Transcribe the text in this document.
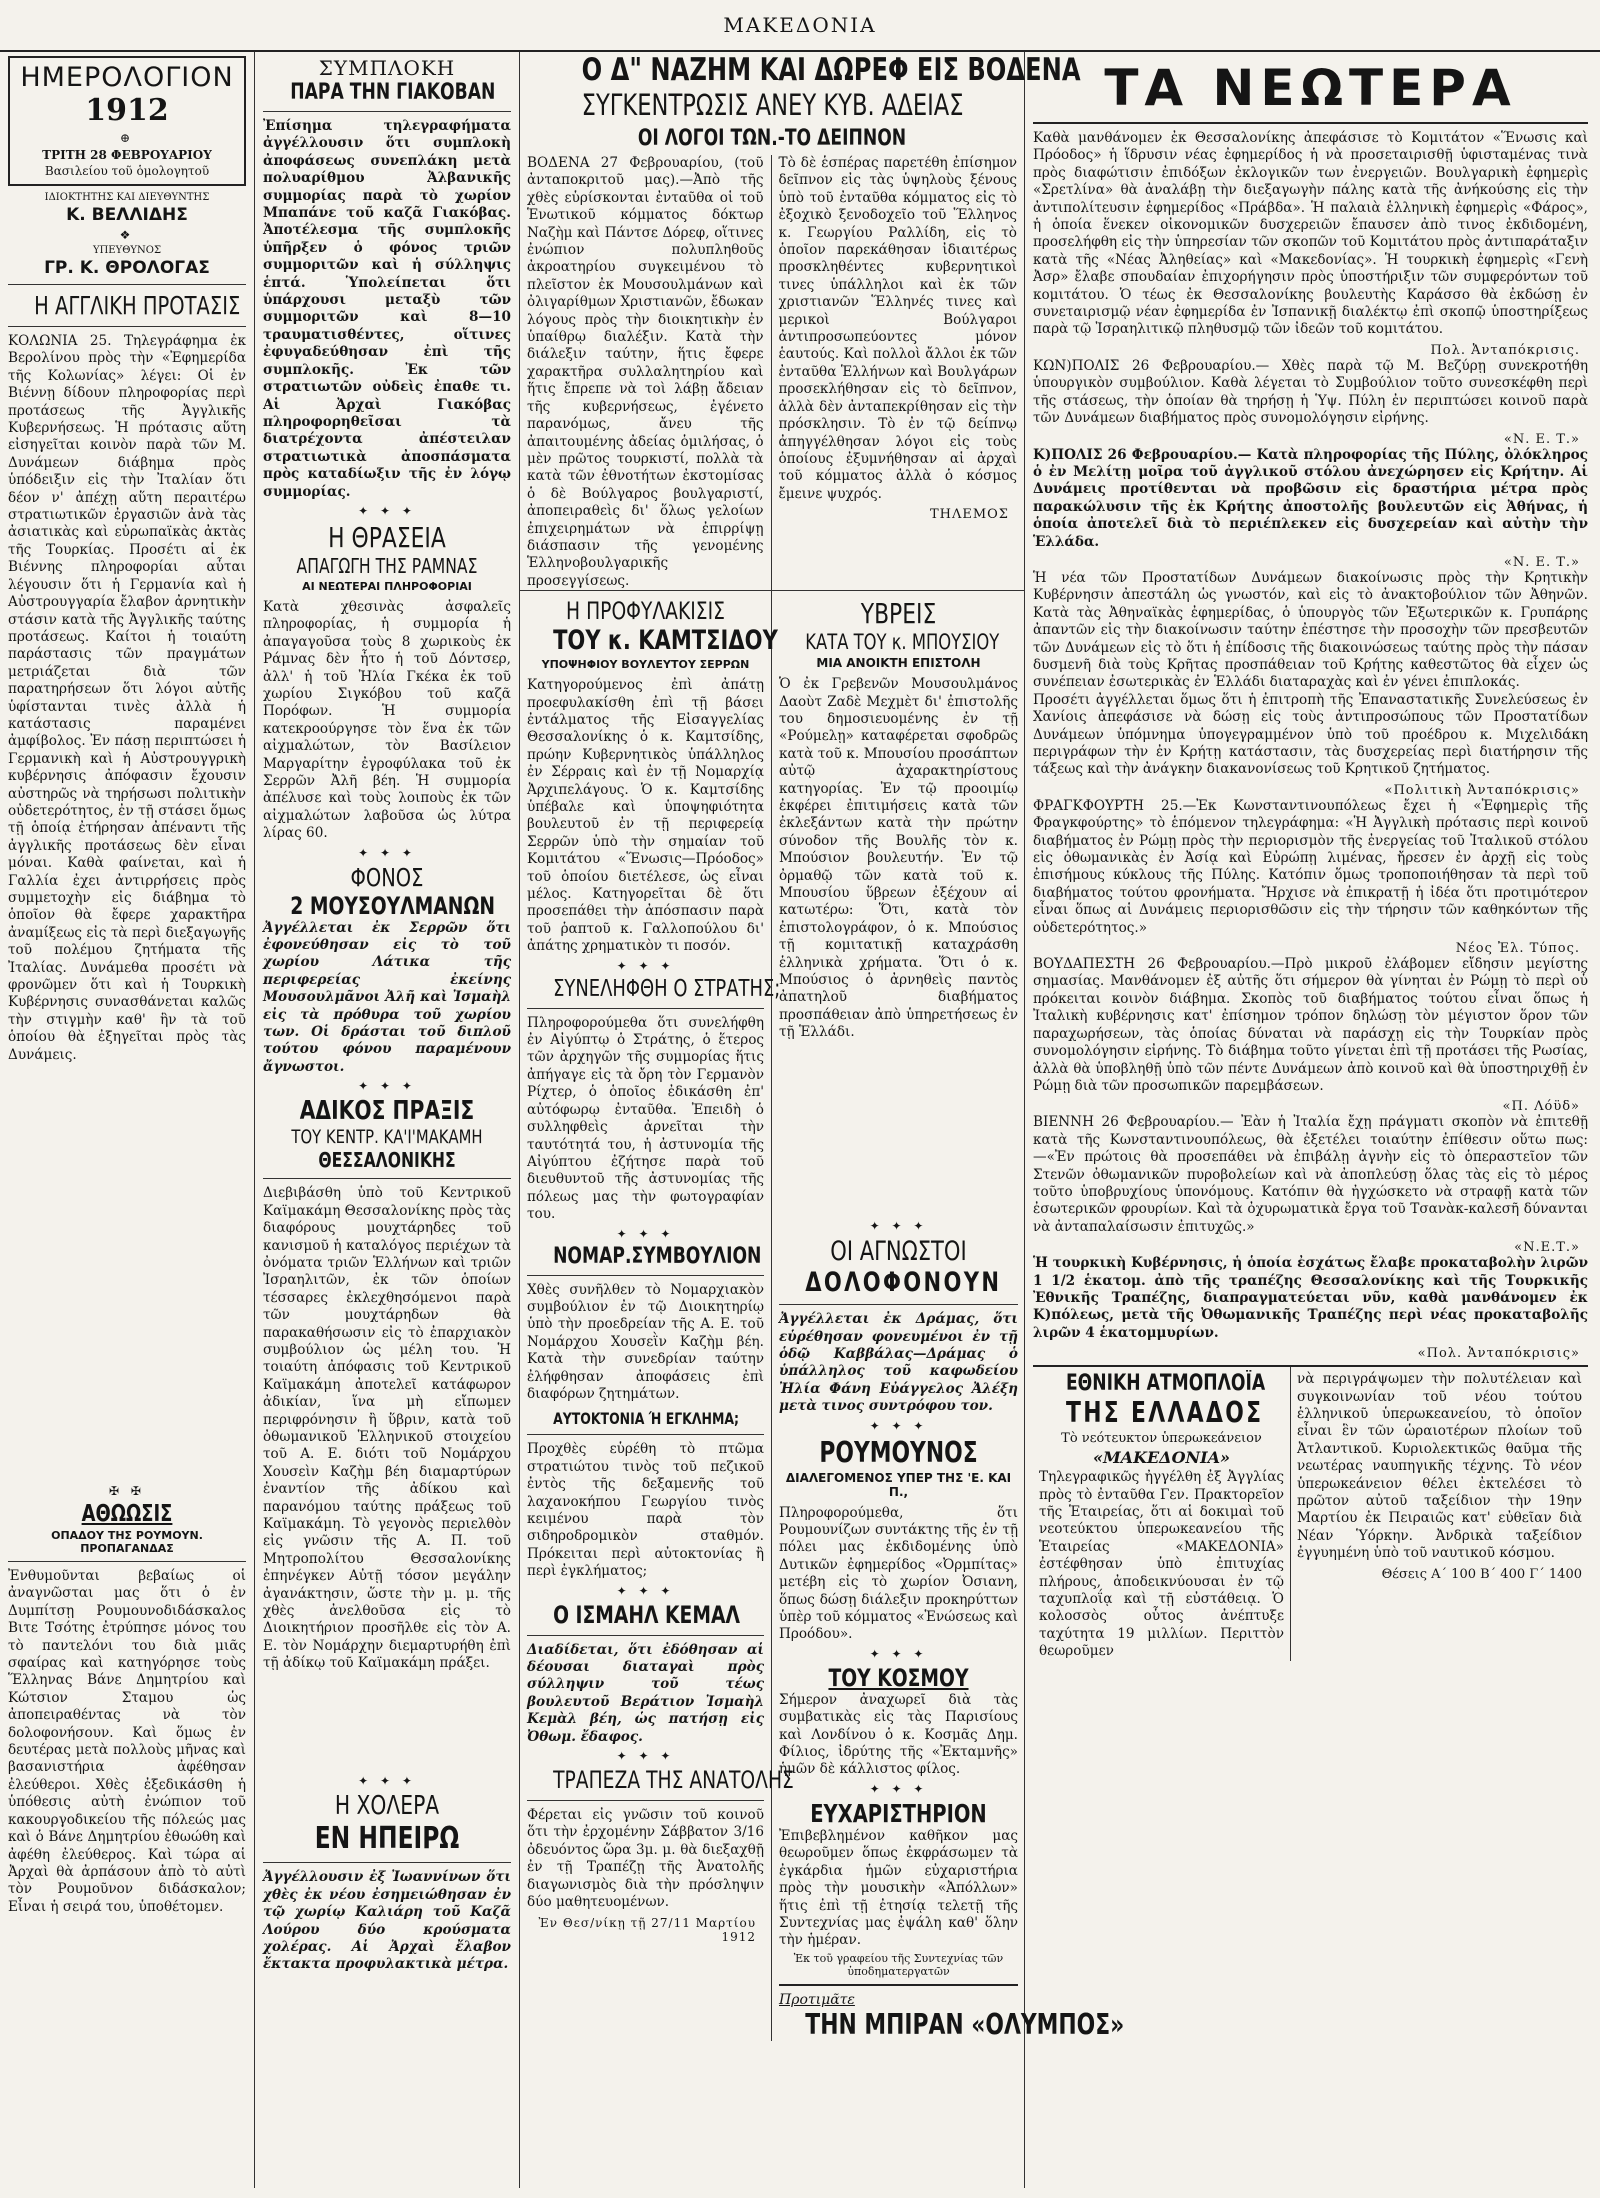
ΜΑΚΕΔΟΝΙΑ
ΗΜΕΡΟΛΟΓΙΟΝ
1912
⊕
ΤΡΙΤΗ 28 ΦΕΒΡΟΥΑΡΙΟΥ
Βασιλείου τοῦ ὁμολογητοῦ
ΙΔΙΟΚΤΗΤΗΣ ΚΑΙ ΔΙΕΥΘΥΝΤΗΣ
Κ. ΒΕΛΛΙΔΗΣ
❖
ΥΠΕΥΘΥΝΟΣ
ΓΡ. Κ. ΘΡΟΛΟΓΑΣ
Η ΑΓΓΛΙΚΗ ΠΡΟΤΑΣΙΣ

ΚΟΛΩΝΙΑ 25. Τηλεγράφημα ἐκ Βερολίνου πρὸς τὴν «Ἐφημερίδα τῆς Κολωνίας» λέγει: Οἱ ἐν Βιέννῃ δίδουν πληροφορίας περὶ προτάσεως τῆς Ἀγγλικῆς Κυβερνήσεως. Ἡ πρότασις αὕτη εἰσηγεῖται κοινὸν παρὰ τῶν Μ. Δυνάμεων διάβημα πρὸς ὑπόδειξιν εἰς τὴν Ἰταλίαν ὅτι δέον ν' ἀπέχῃ αὕτη περαιτέρω στρατιωτικῶν ἐργασιῶν ἀνὰ τὰς ἀσιατικὰς καὶ εὐρωπαϊκὰς ἀκτὰς τῆς Τουρκίας. Προσέτι αἱ ἐκ Βιέννης πληροφορίαι αὗται λέγουσιν ὅτι ἡ Γερμανία καὶ ἡ Αὐστρουγγαρία ἔλαβον ἀρνητικὴν στάσιν κατὰ τῆς Ἀγγλικῆς ταύτης προτάσεως. Καίτοι ἡ τοιαύτη παράστασις τῶν πραγμάτων μετριάζεται διὰ τῶν παρατηρήσεων ὅτι λόγοι αὐτῆς ὑφίστανται τινὲς ἀλλὰ ἡ κατάστασις παραμένει ἀμφίβολος. Ἐν πάσῃ περιπτώσει ἡ Γερμανικὴ καὶ ἡ Αὐστρουγγρικὴ κυβέρνησις ἀπόφασιν ἔχουσιν αὐστηρῶς νὰ τηρήσωσι πολιτικὴν οὐδετερότητος, ἐν τῇ στάσει ὅμως τῇ ὁποίᾳ ἐτήρησαν ἀπέναντι τῆς ἀγγλικῆς προτάσεως δὲν εἶναι μόναι. Καθὰ φαίνεται, καὶ ἡ Γαλλία ἐχει ἀντιρρήσεις πρὸς συμμετοχὴν εἰς διάβημα τὸ ὁποῖον θὰ ἔφερε χαρακτῆρα ἀναμίξεως εἰς τὰ περὶ διεξαγωγῆς τοῦ πολέμου ζητήματα τῆς Ἰταλίας. Δυνάμεθα προσέτι νὰ φρονῶμεν ὅτι καὶ ἡ Τουρκικὴ Κυβέρνησις συνασθάνεται καλῶς τὴν στιγμὴν καθ' ἣν τὰ τοῦ ὁποίου θὰ ἐξηγεῖται πρὸς τὰς Δυνάμεις.

✠ ✠
ΑΘΩΩΣΙΣ
ΟΠΑΔΟΥ ΤΗΣ ΡΟΥΜΟΥΝ. ΠΡΟΠΑΓΑΝΔΑΣ

Ἐνθυμοῦνται βεβαίως οἱ ἀναγνῶσται μας ὅτι ὁ ἐν Δυμπίτσῃ Ρουμουνοδιδάσκαλος Βιτε Τσότης ἐτρύπησε μόνος του τὸ παντελόνι του διὰ μιᾶς σφαίρας καὶ κατηγόρησε τοὺς Ἕλληνας Βάνε Δημητρίου καὶ Κώτσιον Σταμου ὡς ἀποπειραθέντας νὰ τὸν δολοφονήσουν. Καὶ ὅμως ἐν δευτέρας μετὰ πολλοὺς μῆνας καὶ βασανιστήρια ἀφέθησαν ἐλεύθεροι. Χθὲς ἐξεδικάσθη ἡ ὑπόθεσις αὐτὴ ἐνώπιον τοῦ κακουργοδικείου τῆς πόλεώς μας καὶ ὁ Βάνε Δημητρίου ἐθωώθη καὶ ἀφέθη ἐλεύθερος. Καὶ τώρα αἱ Ἀρχαὶ θὰ ἀρπάσουν ἀπὸ τὸ αὐτὶ τὸν Ρουμοῦνον διδάσκαλον; Εἶναι ἡ σειρά του, ὑποθέτομεν.

ΣΥΜΠΛΟΚΗ
ΠΑΡΑ ΤΗΝ ΓΙΑΚΟΒΑΝ

Ἐπίσημα τηλεγραφήματα ἀγγέλλουσιν ὅτι συμπλοκὴ ἀποφάσεως συνεπλάκη μετὰ πολυαρίθμου Ἀλβανικῆς συμμορίας παρὰ τὸ χωρίον Μπαπάνε τοῦ καζᾶ Γιακόβας. Ἀποτέλεσμα τῆς συμπλοκῆς ὑπῆρξεν ὁ φόνος τριῶν συμμοριτῶν καὶ ἡ σύλληψις ἑπτά. Ὑπολείπεται ὅτι ὑπάρχουσι μεταξὺ τῶν συμμοριτῶν καὶ 8—10 τραυματισθέντες, οἵτινες ἐφυγαδεύθησαν ἐπὶ τῆς συμπλοκῆς. Ἐκ τῶν στρατιωτῶν οὐδεὶς ἐπαθε τι. Αἱ Ἀρχαὶ Γιακόβας πληροφορηθεῖσαι τὰ διατρέχοντα ἀπέστειλαν στρατιωτικὰ ἀποσπάσματα πρὸς καταδίωξιν τῆς ἐν λόγῳ συμμορίας.

✦ ✦ ✦
Η ΘΡΑΣΕΙΑ
ΑΠΑΓΩΓΗ ΤΗΣ ΡΑΜΝΑΣ
ΑΙ ΝΕΩΤΕΡΑΙ ΠΛΗΡΟΦΟΡΙΑΙ

Κατὰ χθεσινὰς ἀσφαλεῖς πληροφορίας, ἡ συμμορία ἡ ἀπαγαγοῦσα τοὺς 8 χωρικοὺς ἐκ Ράμνας δὲν ἦτο ἡ τοῦ Δόντσερ, ἀλλ' ἡ τοῦ Ἠλία Γκέκα ἐκ τοῦ χωρίου Σιγκόβου τοῦ καζᾶ Πορόφων. Ἡ συμμορία κατεκροούργησε τὸν ἕνα ἐκ τῶν αἰχμαλώτων, τὸν Βασίλειον Μαργαρίτην ἐγροφύλακα τοῦ ἐκ Σερρῶν Ἀλῆ βέη. Ἡ συμμορία ἀπέλυσε καὶ τοὺς λοιποὺς ἐκ τῶν αἰχμαλώτων λαβοῦσα ὡς λύτρα λίρας 60.

✦ ✦ ✦
ΦΟΝΟΣ
2 ΜΟΥΣΟΥΛΜΑΝΩΝ

Ἀγγέλλεται ἐκ Σερρῶν ὅτι ἐφονεύθησαν εἰς τὸ τοῦ χωρίου Λάτικα τῆς περιφερείας ἐκείνης Μουσουλμᾶνοι Ἀλῆ καὶ Ἰσμαὴλ εἰς τὰ πρόθυρα τοῦ χωρίου των. Οἱ δράσται τοῦ διπλοῦ τούτου φόνου παραμένουν ἄγνωστοι.

✦ ✦ ✦
ΑΔΙΚΟΣ ΠΡΑΞΙΣ
ΤΟΥ ΚΕΝΤΡ. ΚΑ'Ι'ΜΑΚΑΜΗ
ΘΕΣΣΑΛΟΝΙΚΗΣ

Διεβιβάσθη ὑπὸ τοῦ Κεντρικοῦ Καϊμακάμη Θεσσαλονίκης πρὸς τὰς διαφόρους μουχτάρηδες τοῦ κανισμοῦ ἡ καταλόγος περιέχων τὰ ὀνόματα τριῶν Ἑλλήνων καὶ τριῶν Ἰσραηλιτῶν, ἐκ τῶν ὁποίων τέσσαρες ἐκλεχθησόμενοι παρὰ τῶν μουχτάρηδων θὰ παρακαθήσωσιν εἰς τὸ ἐπαρχιακὸν συμβούλιον ὡς μέλη του. Ἡ τοιαύτη ἀπόφασις τοῦ Κεντρικοῦ Καϊμακάμη ἀποτελεῖ κατάφωρον ἀδικίαν, ἵνα μὴ εἴπωμεν περιφρόνησιν ἢ ὕβριν, κατὰ τοῦ ὀθωμανικοῦ Ἑλληνικοῦ στοιχείου τοῦ Α. Ε. διότι τοῦ Νομάρχου Χουσεὶν Καζὴμ βέη διαμαρτύρων ἐναντίον τῆς ἀδίκου καὶ παρανόμου ταύτης πράξεως τοῦ Καϊμακάμη. Τὸ γεγονὸς περιελθὸν εἰς γνῶσιν τῆς Α. Π. τοῦ Μητροπολίτου Θεσσαλονίκης ἐπηνέγκεν Αὐτῇ τόσον μεγάλην ἀγανάκτησιν, ὥστε τὴν μ. μ. τῆς χθὲς ἀνελθοῦσα εἰς τὸ Διοικητήριον προσῆλθε εἰς τὸν Α. Ε. τὸν Νομάρχην διεμαρτυρήθη ἐπὶ τῇ ἀδίκῳ τοῦ Καϊμακάμη πράξει.

✦ ✦ ✦
Η ΧΟΛΕΡΑ
ΕΝ ΗΠΕΙΡΩ

Ἀγγέλλουσιν ἐξ Ἰωαννίνων ὅτι χθὲς ἐκ νέου ἐσημειώθησαν ἐν τῷ χωρίῳ Καλιάρη τοῦ Καζᾶ Λούρου δύο κρούσματα χολέρας. Αἱ Ἀρχαὶ ἔλαβον ἔκτακτα προφυλακτικὰ μέτρα.

Ο Δ" ΝΑΖΗΜ ΚΑΙ ΔΩΡΕΦ ΕΙΣ ΒΟΔΕΝΑ
ΣΥΓΚΕΝΤΡΩΣΙΣ ΑΝΕΥ ΚΥΒ. ΑΔΕΙΑΣ
ΟΙ ΛΟΓΟΙ ΤΩΝ.-ΤΟ ΔΕΙΠΝΟΝ

ΒΟΔΕΝΑ 27 Φεβρουαρίου, (τοῦ ἀνταποκριτοῦ μας).—Ἀπὸ τῆς χθὲς εὑρίσκονται ἐνταῦθα οἱ τοῦ Ἑνωτικοῦ κόμματος δόκτωρ Ναζὴμ καὶ Πάντσε Δόρεφ, οἵτινες ἐνώπιον πολυπληθοῦς ἀκροατηρίου συγκειμένου τὸ πλεῖστον ἐκ Μουσουλμάνων καὶ ὀλιγαρίθμων Χριστιανῶν, ἔδωκαν λόγους πρὸς τὴν διοικητικὴν ἐν ὑπαίθρῳ διαλέξιν. Κατὰ τὴν διάλεξιν ταύτην, ἥτις ἔφερε χαρακτῆρα συλλαλητηρίου καὶ ἥτις ἔπρεπε νὰ τοὶ λάβῃ ἄδειαν τῆς κυβερνήσεως, ἐγένετο παρανόμως, ἄνευ τῆς ἀπαιτουμένης ἀδείας ὁμιλήσας, ὁ μὲν πρῶτος τουρκιστί, πολλὰ τὰ κατὰ τῶν ἐθνοτήτων ἐκστομίσας ὁ δὲ Βούλγαρος βουλγαριστί, ἀποπειραθεὶς δι' ὅλως γελοίων ἐπιχειρημάτων νὰ ἐπιρρίψῃ διάσπασιν τῆς γενομένης Ἑλληνοβουλγαρικῆς προσεγγίσεως.

Τὸ δὲ ἑσπέρας παρετέθη ἐπίσημον δεῖπνον εἰς τὰς ὑψηλοὺς ξένους ὑπὸ τοῦ ἐνταῦθα κόμματος εἰς τὸ ἐξοχικὸ ξενοδοχεῖο τοῦ Ἕλληνος κ. Γεωργίου Ραλλίδη, εἰς τὸ ὁποῖον παρεκάθησαν ἰδιαιτέρως προσκληθέντες κυβερνητικοὶ τινες ὑπάλληλοι καὶ ἐκ τῶν χριστιανῶν Ἕλληνές τινες καὶ μερικοὶ Βούλγαροι ἀντιπροσωπεύοντες μόνον ἑαυτούς. Καὶ πολλοὶ ἄλλοι ἐκ τῶν ἐνταῦθα Ἑλλήνων καὶ Βουλγάρων προσεκλήθησαν εἰς τὸ δεῖπνον, ἀλλὰ δὲν ἀνταπεκρίθησαν εἰς τὴν πρόσκλησιν. Τὸ ἐν τῷ δείπνῳ ἀπηγγέλθησαν λόγοι εἰς τοὺς ὁποίους ἐξυμνήθησαν αἱ ἀρχαὶ τοῦ κόμματος ἀλλὰ ὁ κόσμος ἔμεινε ψυχρός.

ΤΗΛΕΜΟΣ
Η ΠΡΟΦΥΛΑΚΙΣΙΣ
ΤΟΥ κ. ΚΑΜΤΣΙΔΟΥ
ΥΠΟΨΗΦΙΟΥ ΒΟΥΛΕΥΤΟΥ ΣΕΡΡΩΝ

Κατηγορούμενος ἐπὶ ἀπάτῃ προεφυλακίσθη ἐπὶ τῇ βάσει ἐντάλματος τῆς Εἰσαγγελίας Θεσσαλονίκης ὁ κ. Καμτσίδης, πρώην Κυβερνητικὸς ὑπάλληλος ἐν Σέρραις καὶ ἐν τῇ Νομαρχίᾳ Ἀρχιπελάγους. Ὁ κ. Καμτσίδης ὑπέβαλε καὶ ὑποψηφιότητα βουλευτοῦ ἐν τῇ περιφερείᾳ Σερρῶν ὑπὸ τὴν σημαίαν τοῦ Κομιτάτου «Ἕνωσις—Πρόοδος» τοῦ ὁποίου διετέλεσε, ὡς εἶναι μέλος. Κατηγορεῖται δὲ ὅτι προσεπάθει τὴν ἀπόσπασιν παρὰ τοῦ ῥαπτοῦ κ. Γαλλοπούλου δι' ἀπάτης χρηματικὸν τι ποσόν.

✦ ✦ ✦
ΣΥΝΕΛΗΦΘΗ Ο ΣΤΡΑΤΗΣ;

Πληροφορούμεθα ὅτι συνελήφθη ἐν Αἰγύπτῳ ὁ Στράτης, ὁ ἕτερος τῶν ἀρχηγῶν τῆς συμμορίας ἥτις ἀπήγαγε εἰς τὰ ὄρη τὸν Γερμανὸν Ρίχτερ, ὁ ὁποῖος ἐδικάσθη ἐπ' αὐτόφωρῳ ἐνταῦθα. Ἐπειδὴ ὁ συλληφθεὶς ἀρνεῖται τὴν ταυτότητά του, ἡ ἀστυνομία τῆς Αἰγύπτου ἐζήτησε παρὰ τοῦ διευθυντοῦ τῆς ἀστυνομίας τῆς πόλεως μας τὴν φωτογραφίαν του.

✦ ✦ ✦
ΝΟΜΑΡ.ΣΥΜΒΟΥΛΙΟΝ

Χθὲς συνῆλθεν τὸ Νομαρχιακὸν συμβούλιον ἐν τῷ Διοικητηρίῳ ὑπὸ τὴν προεδρείαν τῆς Α. Ε. τοῦ Νομάρχου Χουσεῒν Καζὴμ βέη. Κατὰ τὴν συνεδρίαν ταύτην ἐλήφθησαν ἀποφάσεις ἐπὶ διαφόρων ζητημάτων.

ΑΥΤΟΚΤΟΝΙΑ Ή ΕΓΚΛΗΜΑ;

Προχθὲς εὑρέθη τὸ πτῶμα στρατιώτου τινὸς τοῦ πεζικοῦ ἐντὸς τῆς δεξαμενῆς τοῦ λαχανοκήπου Γεωργίου τινὸς κειμένου παρὰ τὸν σιδηροδρομικὸν σταθμόν. Πρόκειται περὶ αὐτοκτονίας ἢ περὶ ἐγκλήματος;

✦ ✦ ✦
Ο ΙΣΜΑΗΛ ΚΕΜΑΛ

Διαδίδεται, ὅτι ἐδόθησαν αἱ δέουσαι διαταγαὶ πρὸς σύλληψιν τοῦ τέως βουλευτοῦ Βεράτιον Ἰσμαὴλ Κεμὰλ βέη, ὡς πατήσῃ εἰς Ὀθωμ. ἔδαφος.

✦ ✦ ✦
ΤΡΑΠΕΖΑ ΤΗΣ ΑΝΑΤΟΛΗΣ

Φέρεται εἰς γνῶσιν τοῦ κοινοῦ ὅτι τὴν ἐρχομένην Σάββατον 3/16 ὀδευόντος ὥρα 3μ. μ. θὰ διεξαχθῇ ἐν τῇ Τραπέζῃ τῆς Ἀνατολῆς διαγωνισμὸς διὰ τὴν πρόσληψιν δύο μαθητευομένων.

Ἐν Θεσ/νίκῃ τῇ 27/11 Μαρτίου 1912
ΥΒΡΕΙΣ
ΚΑΤΑ ΤΟΥ κ. ΜΠΟΥΣΙΟΥ
ΜΙΑ ΑΝΟΙΚΤΗ ΕΠΙΣΤΟΛΗ

Ὁ ἐκ Γρεβενῶν Μουσουλμάνος Δαοὺτ Ζαδὲ Μεχμὲτ δι' ἐπιστολῆς του δημοσιευομένης ἐν τῇ «Ρούμελῃ» καταφέρεται σφοδρῶς κατὰ τοῦ κ. Μπουσίου προσάπτων αὐτῷ ἀχαρακτηρίστους κατηγορίας. Ἐν τῷ προοιμίῳ ἐκφέρει ἐπιτιμήσεις κατὰ τῶν ἐκλεξάντων κατὰ τὴν πρώτην σύνοδον τῆς Βουλῆς τὸν κ. Μπούσιον βουλευτήν. Ἐν τῷ ὀρμαθῷ τῶν κατὰ τοῦ κ. Μπουσίου ὕβρεων ἐξέχουν αἱ κατωτέρω: Ὅτι, κατὰ τὸν ἐπιστολογράφον, ὁ κ. Μπούσιος τῇ κομιτατικῇ καταχράσθη ἑλληνικὰ χρήματα. Ὅτι ὁ κ. Μπούσιος ὁ ἀρνηθεὶς παντὸς ἀπατηλοῦ διαβήματος προσπάθειαν ἀπὸ ὑπηρετήσεως ἐν τῇ Ἑλλάδι.

✦ ✦ ✦
ΟΙ ΑΓΝΩΣΤΟΙ
ΔΟΛΟΦΟΝΟΥΝ

Ἀγγέλλεται ἐκ Δράμας, ὅτι εὑρέθησαν φονευμένοι ἐν τῇ ὁδῷ Καββάλας—Δράμας ὁ ὑπάλληλος τοῦ καφωδείου Ἠλία Φάνη Εὐάγγελος Ἀλέξη μετὰ τινος συντρόφου τον.

✦ ✦ ✦
ΡΟΥΜΟΥΝΟΣ
ΔΙΑΛΕΓΟΜΕΝΟΣ ΥΠΕΡ ΤΗΣ 'Ε. ΚΑΙ Π.,

Πληροφορούμεθα, ὅτι Ρουμουνίζων συντάκτης τῆς ἐν τῇ πόλει μας ἐκδιδομένης ὑπὸ Δυτικῶν ἐφημερίδος «Ὀρμπίτας» μετέβη εἰς τὸ χωρίον Ὀσιανη, ὅπως δώσῃ διάλεξιν προκηρύττων ὑπὲρ τοῦ κόμματος «Ἑνώσεως καὶ Προόδου».

✦ ✦ ✦
ΤΟΥ ΚΟΣΜΟΥ

Σήμερον ἀναχωρεῖ διὰ τὰς συμβατικὰς εἰς τὰς Παρισίους καὶ Λονδίνου ὁ κ. Κοσμᾶς Δημ. Φίλιος, ἰδρύτης τῆς «Ἐκταμνῆς» ἡμῶν δὲ κάλλιστος φίλος.

✦ ✦ ✦
ΕΥΧΑΡΙΣΤΗΡΙΟΝ

Ἐπιβεβλημένον καθῆκον μας θεωροῦμεν ὅπως ἐκφράσωμεν τὰ ἐγκάρδια ἡμῶν εὐχαριστήρια πρὸς τὴν μουσικὴν «Ἀπόλλων» ἥτις ἐπὶ τῇ ἐτησίᾳ τελετῇ τῆς Συντεχνίας μας ἐψάλη καθ' ὅλην τὴν ἡμέραν.

Ἐκ τοῦ γραφείου τῆς Συντεχνίας τῶν ὑποδηματεργατῶν
Προτιμᾶτε
ΤΗΝ ΜΠΙΡΑΝ «ΟΛΥΜΠΟΣ»
ΤΑ ΝΕΩΤΕΡΑ

Καθὰ μανθάνομεν ἐκ Θεσσαλονίκης ἀπεφάσισε τὸ Κομιτάτον «Ἕνωσις καὶ Πρόοδος» ἡ ἵδρυσιν νέας ἐφημερίδος ἡ νὰ προσεταιρισθῇ ὑφισταμένας τινὰ πρὸς διαφώτισιν ἐπιδόξων ἐκλογικῶν των ἐνεργειῶν. Βουλγαρικὴ ἐφημερὶς «Σρετλίνα» θὰ ἀναλάβῃ τὴν διεξαγωγὴν πάλης κατὰ τῆς ἀνήκούσης εἰς τὴν ἀντιπολίτευσιν ἐφημερίδος «Πράβδα». Ἡ παλαιὰ ἑλληνικὴ ἐφημερὶς «Φάρος», ἡ ὁποία ἕνεκεν οἰκονομικῶν δυσχερειῶν ἔπαυσεν ἀπὸ τινος ἐκδιδομένη, προσελήφθη εἰς τὴν ὑπηρεσίαν τῶν σκοπῶν τοῦ Κομιτάτου πρὸς ἀντιπαράταξιν κατὰ τῆς «Νέας Ἀληθείας» καὶ «Μακεδονίας». Ἡ τουρκικὴ ἐφημερὶς «Γενὴ Ἀσρ» ἔλαβε σπουδαίαν ἐπιχορήγησιν πρὸς ὑποστήριξιν τῶν συμφερόντων τοῦ κομιτάτου. Ὁ τέως ἐκ Θεσσαλονίκης βουλευτὴς Καράσσο θὰ ἐκδώσῃ ἐν συνεταιρισμῷ νέαν ἐφημερίδα ἐν Ἰσπανικῇ διαλέκτῳ ἐπὶ σκοπῷ ὑποστηρίξεως παρὰ τῷ Ἰσραηλιτικῷ πληθυσμῷ τῶν ἰδεῶν τοῦ κομιτάτου.

Πολ. Ἀνταπόκρισις.

ΚΩΝ)ΠΟΛΙΣ 26 Φεβρουαρίου.— Χθὲς παρὰ τῷ Μ. Βεζύρῃ συνεκροτήθη ὑπουργικὸν συμβούλιον. Καθὰ λέγεται τὸ Συμβούλιον τοῦτο συνεσκέφθη περὶ τῆς στάσεως, τὴν ὁποίαν θὰ τηρήσῃ ἡ Ὑψ. Πύλη ἐν περιπτώσει κοινοῦ παρὰ τῶν Δυνάμεων διαβήματος πρὸς συνομολόγησιν εἰρήνης.

«Ν. Ε. Τ.»

Κ)ΠΟΛΙΣ 26 Φεβρουαρίου.— Κατὰ πληροφορίας τῆς Πύλης, ὀλόκληρος ὁ ἐν Μελίτῃ μοῖρα τοῦ ἀγγλικοῦ στόλου ἀνεχώρησεν εἰς Κρήτην. Αἱ Δυνάμεις προτίθενται νὰ προβῶσιν εἰς δραστήρια μέτρα πρὸς παρακώλυσιν τῆς ἐκ Κρήτης ἀποστολῆς βουλευτῶν εἰς Ἀθήνας, ἡ ὁποία ἀποτελεῖ διὰ τὸ περιέπλεκεν εἰς δυσχερείαν καὶ αὐτὴν τὴν Ἑλλάδα.

«Ν. Ε. Τ.»

Ἡ νέα τῶν Προστατίδων Δυνάμεων διακοίνωσις πρὸς τὴν Κρητικὴν Κυβέρνησιν ἀπεστάλη ὡς γνωστόν, καὶ εἰς τὸ ἀνακτοβούλιον τῶν Ἀθηνῶν. Κατὰ τὰς Ἀθηναϊκὰς ἐφημερίδας, ὁ ὑπουργὸς τῶν Ἐξωτερικῶν κ. Γρυπάρης ἀπαντῶν εἰς τὴν διακοίνωσιν ταύτην ἐπέστησε τὴν προσοχὴν τῶν πρεσβευτῶν τῶν Δυνάμεων εἰς τὸ ὅτι ἡ ἐπίδοσις τῆς διακοινώσεως ταύτης πρὸς τὴν πάσαν δυσμενῆ διὰ τοὺς Κρῆτας προσπάθειαν τοῦ Κρήτης καθεστῶτος θὰ εἶχεν ὡς συνέπειαν ἐσωτερικὰς ἐν Ἑλλάδι διαταραχὰς καὶ ἐν γένει ἐπιπλοκάς.

Προσέτι ἀγγέλλεται ὅμως ὅτι ἡ ἐπιτροπὴ τῆς Ἐπαναστατικῆς Συνελεύσεως ἐν Χανίοις ἀπεφάσισε νὰ δώσῃ εἰς τοὺς ἀντιπροσώπους τῶν Προστατίδων Δυνάμεων ὑπόμνημα ὑπογεγραμμένον ὑπὸ τοῦ προέδρου κ. Μιχελιδάκη περιγράφων τὴν ἐν Κρήτῃ κατάστασιν, τὰς δυσχερείας περὶ διατήρησιν τῆς τάξεως καὶ τὴν ἀνάγκην διακανονίσεως τοῦ Κρητικοῦ ζητήματος.

«Πολιτικὴ Ἀνταπόκρισις»

ΦΡΑΓΚΦΟΥΡΤΗ 25.—Ἐκ Κωνσταντινουπόλεως ἔχει ἡ «Ἐφημερὶς τῆς Φραγκφούρτης» τὸ ἑπόμενον τηλεγράφημα: «Ἡ Ἀγγλικὴ πρότασις περὶ κοινοῦ διαβήματος ἐν Ρώμῃ πρὸς τὴν περιορισμὸν τῆς ἐνεργείας τοῦ Ἰταλικοῦ στόλου εἰς ὀθωμανικὰς ἐν Ἀσίᾳ καὶ Εὐρώπῃ λιμένας, ἤρεσεν ἐν ἀρχῇ εἰς τοὺς ἐπισήμους κύκλους τῆς Πύλης. Κατόπιν ὅμως τροποποιήθησαν τὰ περὶ τοῦ διαβήματος τούτου φρονήματα. Ἤρχισε νὰ ἐπικρατῇ ἡ ἰδέα ὅτι προτιμότερον εἶναι ὅπως αἱ Δυνάμεις περιορισθῶσιν εἰς τὴν τήρησιν τῶν καθηκόντων τῆς οὐδετερότητος.»

Νέος Ἐλ. Τύπος.

ΒΟΥΔΑΠΕΣΤΗ 26 Φεβρουαρίου.—Πρὸ μικροῦ ἐλάβομεν εἴδησιν μεγίστης σημασίας. Μανθάνομεν ἐξ αὐτῆς ὅτι σήμερον θὰ γίνηται ἐν Ρώμῃ τὸ περὶ οὗ πρόκειται κοινὸν διάβημα. Σκοπὸς τοῦ διαβήματος τούτου εἶναι ὅπως ἡ Ἰταλικὴ κυβέρνησις κατ' ἐπίσημον τρόπον δηλώσῃ τὸν μέγιστον ὅρον τῶν παραχωρήσεων, τὰς ὁποίας δύναται νὰ παράσχῃ εἰς τὴν Τουρκίαν πρὸς συνομολόγησιν εἰρήνης. Τὸ διάβημα τοῦτο γίνεται ἐπὶ τῇ προτάσει τῆς Ρωσίας, ἀλλὰ θὰ ὑποβληθῇ ὑπὸ τῶν πέντε Δυνάμεων ἀπὸ κοινοῦ καὶ θὰ ὑποστηριχθῇ ἐν Ρώμῃ διὰ τῶν προσωπικῶν παρεμβάσεων.

«Π. Λόϋδ»

ΒΙΕΝΝΗ 26 Φεβρουαρίου.— Ἐὰν ἡ Ἰταλία ἔχῃ πράγματι σκοπὸν νὰ ἐπιτεθῇ κατὰ τῆς Κωνσταντινουπόλεως, θὰ ἐξετέλει τοιαύτην ἐπίθεσιν οὕτω πως: —«Ἐν πρώτοις θὰ προσεπάθει νὰ ἐπιβάλῃ ἀγνὴν εἰς τὸ ὁπεραστεῖον τῶν Στενῶν ὀθωμανικῶν πυροβολείων καὶ νὰ ἀποπλεύσῃ ὅλας τὰς εἰς τὸ μέρος τοῦτο ὑποβρυχίους ὑπονόμους. Κατόπιν θὰ ἠγχώσκετο νὰ στραφῇ κατὰ τῶν ἐσωτερικῶν φρουρίων. Καὶ τὰ ὀχυρωματικὰ ἔργα τοῦ Τσανὰκ-καλεσῆ δύνανται νὰ ἀνταπαλαίσωσιν ἐπιτυχῶς.»

«Ν.Ε.Τ.»

Ἡ τουρκικὴ Κυβέρνησις, ἡ ὁποία ἐσχάτως ἔλαβε προκαταβολὴν λιρῶν 1 1/2 ἑκατομ. ἀπὸ τῆς τραπέζης Θεσσαλονίκης καὶ τῆς Τουρκικῆς Ἐθνικῆς Τραπέζης, διαπραγματεύεται νῦν, καθὰ μανθάνομεν ἐκ Κ)πόλεως, μετὰ τῆς Ὀθωμανικῆς Τραπέζης περὶ νέας προκαταβολῆς λιρῶν 4 ἑκατομμυρίων.

«Πολ. Ἀνταπόκρισις»
ΕΘΝΙΚΗ ΑΤΜΟΠΛΟΪΑ
ΤΗΣ ΕΛΛΑΔΟΣ
Τὸ νεότευκτον ὑπερωκεάνειον
«ΜΑΚΕΔΟΝΙΑ»

Τηλεγραφικῶς ἠγγέλθη ἐξ Ἀγγλίας πρὸς τὸ ἐνταῦθα Γεν. Πρακτορεῖον τῆς Ἑταιρείας, ὅτι αἱ δοκιμαὶ τοῦ νεοτεύκτου ὑπερωκεανείου τῆς Ἑταιρείας «ΜΑΚΕΔΟΝΙΑ» ἐστέφθησαν ὑπὸ ἐπιτυχίας πλήρους, ἀποδεικνύουσαι ἐν τῷ ταχυπλοΐᾳ καὶ τῇ εὐστάθειᾳ. Ὁ κολοσσὸς οὗτος ἀνέπτυξε ταχύτητα 19 μιλλίων. Περιττὸν θεωροῦμεν

νὰ περιγράψωμεν τὴν πολυτέλειαν καὶ συγκοινωνίαν τοῦ νέου τούτου ἑλληνικοῦ ὑπερωκεανείου, τὸ ὁποῖον εἶναι ἓν τῶν ὡραιοτέρων πλοίων τοῦ Ἀτλαντικοῦ. Κυριολεκτικῶς θαῦμα τῆς νεωτέρας ναυπηγικῆς τέχνης. Τὸ νέον ὑπερωκεάνειον θέλει ἐκτελέσει τὸ πρῶτον αὐτοῦ ταξείδιον τὴν 19ην Μαρτίου ἐκ Πειραιῶς κατ' εὐθεῖαν διὰ Νέαν Ὑόρκην. Ἀνδρικὰ ταξείδιον ἐγγυημένη ὑπὸ τοῦ ναυτικοῦ κόσμου.

Θέσεις Α΄ 100 Β΄ 400 Γ΄ 1400
